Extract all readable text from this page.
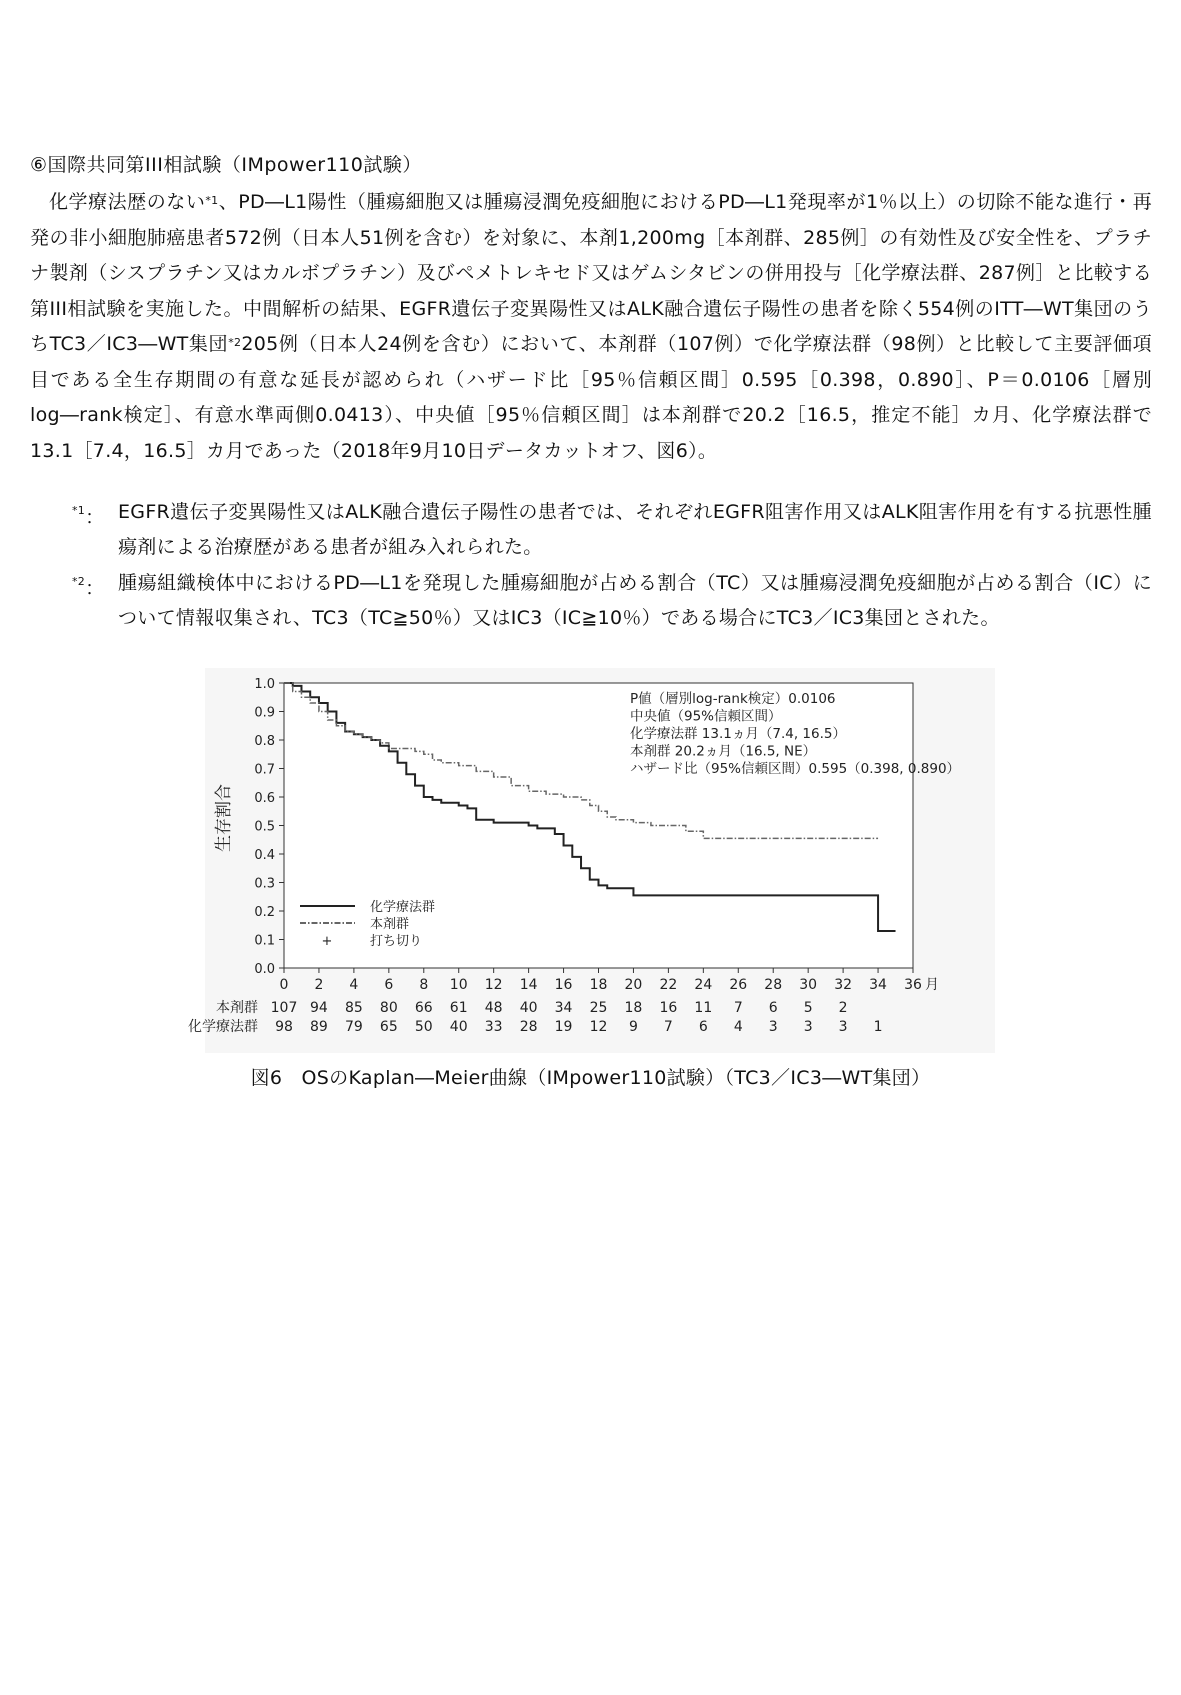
⑥国際共同第III相試験（IMpower110試験）

化学療法歴のない$^{*1}$、PD―L1陽性（腫瘍細胞又は腫瘍浸潤免疫細胞におけるPD―L1発現率が1％以上）の切除不能な進行・再発の非小細胞肺癌患者572例（日本人51例を含む）を対象に、本剤1,200mg［本剤群、285例］の有効性及び安全性を、プラチナ製剤（シスプラチン又はカルボプラチン）及びペメトレキセド又はゲムシタビンの併用投与［化学療法群、287例］と比較する第III相試験を実施した。中間解析の結果、EGFR遺伝子変異陽性又はALK融合遺伝子陽性の患者を除く554例のITT―WT集団のうちTC3／IC3―WT集団$^{*2}$205例（日本人24例を含む）において、本剤群（107例）で化学療法群（98例）と比較して主要評価項目である全生存期間の有意な延長が認められ（ハザード比［95％信頼区間］0.595［0.398，0.890］、P＝0.0106［層別log―rank検定］、有意水準両側0.0413）、中央値［95％信頼区間］は本剤群で20.2［16.5，推定不能］カ月、化学療法群で13.1［7.4，16.5］カ月であった（2018年9月10日データカットオフ、図6）。

$^{*1}$： EGFR遺伝子変異陽性又はALK融合遺伝子陽性の患者では、それぞれEGFR阻害作用又はALK阻害作用を有する抗悪性腫瘍剤による治療歴がある患者が組み入れられた。
$^{*2}$： 腫瘍組織検体中におけるPD―L1を発現した腫瘍細胞が占める割合（TC）又は腫瘍浸潤免疫細胞が占める割合（IC）について情報収集され、TC3（TC≧50％）又はIC3（IC≧10％）である場合にTC3／IC3集団とされた。
0.0
0.1
0.2
0.3
0.4
0.5
0.6
0.7
0.8
0.9
1.0
0 2 4 6 8 10 12 14 16 18 20 22 24 26 28 30 32 34 36 月
P値（層別log-rank検定）0.0106
中央値（95%信頼区間）
化学療法群 13.1ヵ月（7.4, 16.5）
本剤群 20.2ヵ月（16.5, NE）
ハザード比（95%信頼区間）0.595（0.398, 0.890）
化学療法群
本剤群
+	打ち切り
本剤群 107 94 85 80 66 61 48 40 34 25 18 16 11 7 6 5 2
化学療法群 98 89 79 65 50 40 33 28 19 12 9 7 6 4 3 3 3 1
生存割合
図6　OSのKaplan―Meier曲線（IMpower110試験）（TC3／IC3―WT集団）
